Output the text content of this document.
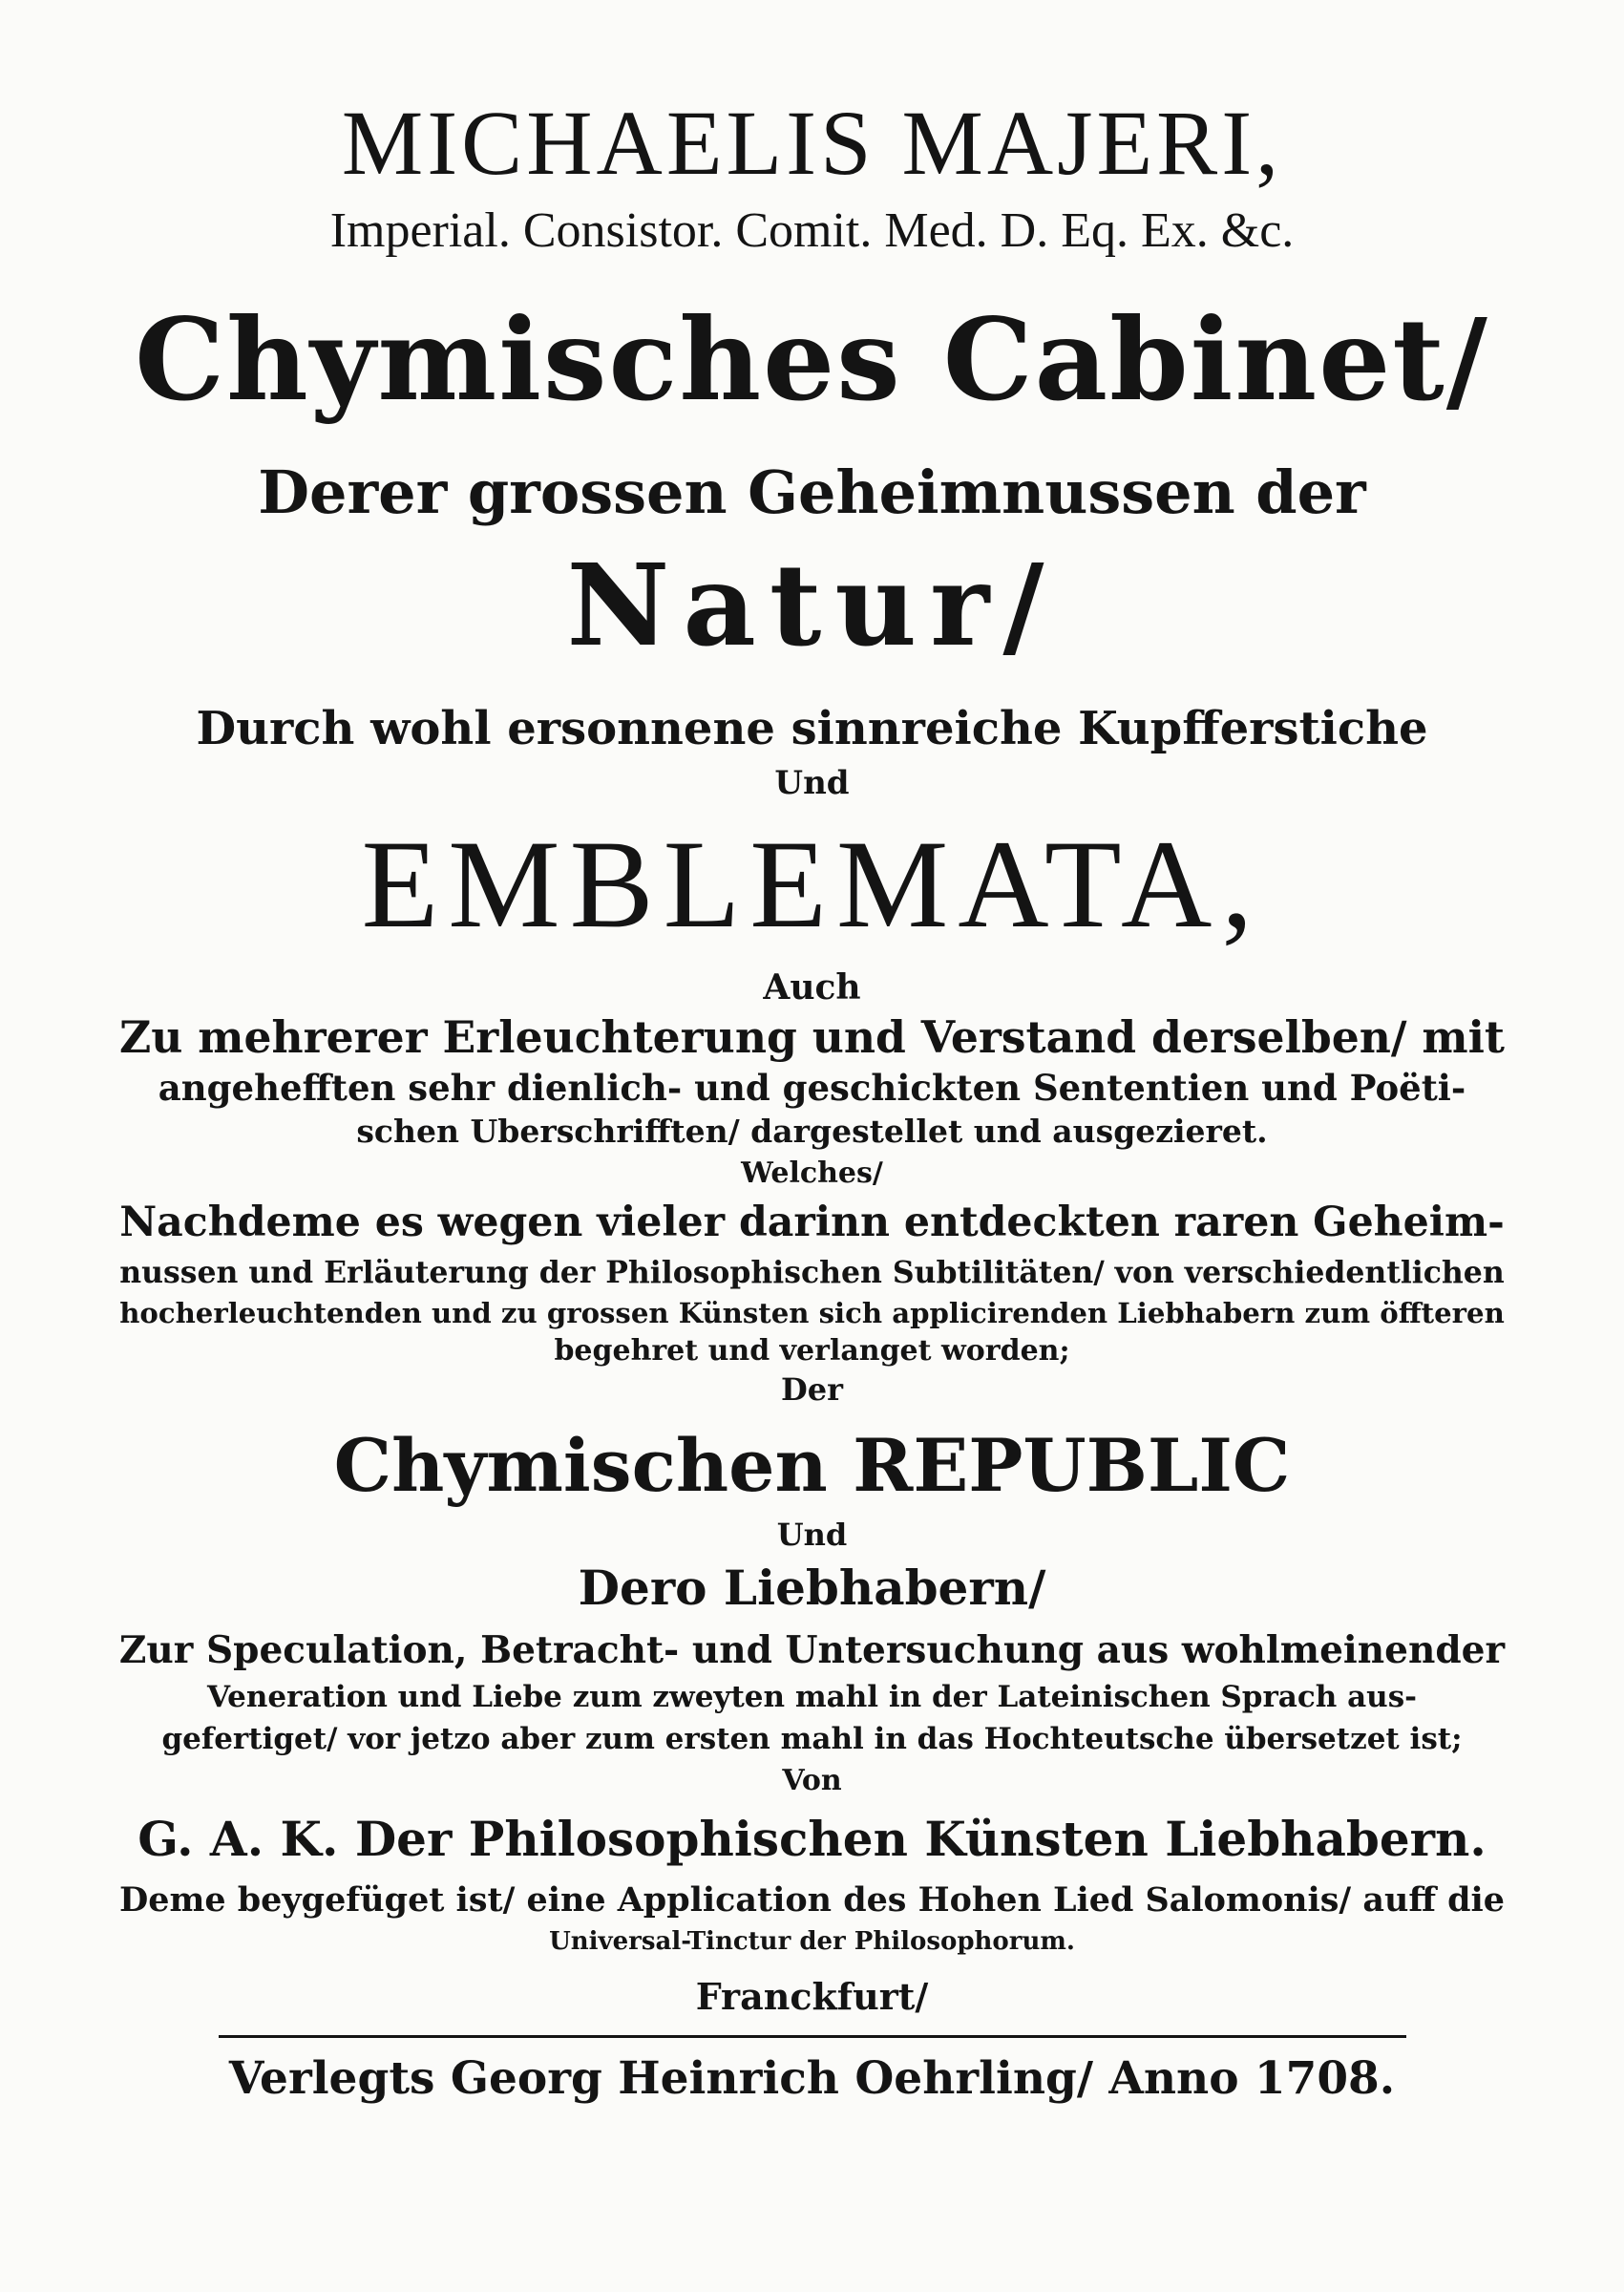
MICHAELIS MAJERI,
Imperial. Consistor. Comit. Med. D. Eq. Ex. &c.
Chymisches Cabinet/
Derer grossen Geheimnussen der
Natur/
Durch wohl ersonnene sinnreiche Kupfferstiche
Und
EMBLEMATA,
Auch
Zu mehrerer Erleuchterung und Verstand derselben/ mit
angehefften sehr dienlich- und geschickten Sententien und Poëti-
schen Uberschrifften/ dargestellet und ausgezieret.
Welches/
Nachdeme es wegen vieler darinn entdeckten raren Geheim-
nussen und Erläuterung der Philosophischen Subtilitäten/ von verschiedentlichen
hocherleuchtenden und zu grossen Künsten sich applicirenden Liebhabern zum öffteren
begehret und verlanget worden;
Der
Chymischen REPUBLIC
Und
Dero Liebhabern/
Zur Speculation, Betracht- und Untersuchung aus wohlmeinender
Veneration und Liebe zum zweyten mahl in der Lateinischen Sprach aus-
gefertiget/ vor jetzo aber zum ersten mahl in das Hochteutsche übersetzet ist;
Von
G. A. K. Der Philosophischen Künsten Liebhabern.
Deme beygefüget ist/ eine Application des Hohen Lied Salomonis/ auff die
Universal-Tinctur der Philosophorum.
Franckfurt/
Verlegts Georg Heinrich Oehrling/ Anno 1708.
